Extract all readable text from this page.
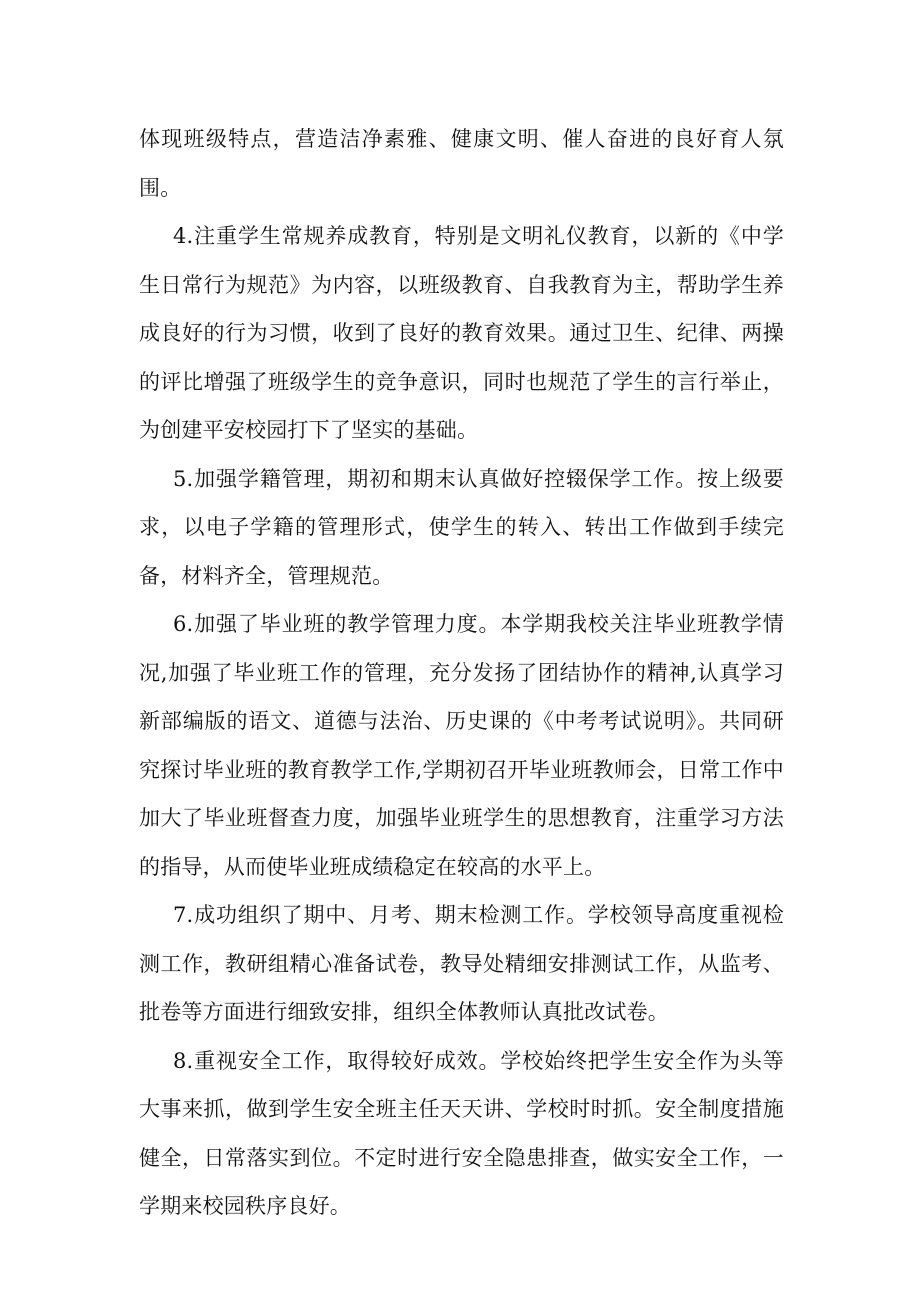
体现班级特点，营造洁净素雅、健康文明、催人奋进的良好育人氛围。

4.注重学生常规养成教育，特别是文明礼仪教育，以新的《中学生日常行为规范》为内容，以班级教育、自我教育为主，帮助学生养成良好的行为习惯，收到了良好的教育效果。通过卫生、纪律、两操的评比增强了班级学生的竞争意识，同时也规范了学生的言行举止，为创建平安校园打下了坚实的基础。

5.加强学籍管理，期初和期末认真做好控辍保学工作。按上级要求，以电子学籍的管理形式，使学生的转入、转出工作做到手续完备，材料齐全，管理规范。

6.加强了毕业班的教学管理力度。本学期我校关注毕业班教学情况,加强了毕业班工作的管理，充分发扬了团结协作的精神,认真学习新部编版的语文、道德与法治、历史课的《中考考试说明》。共同研究探讨毕业班的教育教学工作,学期初召开毕业班教师会，日常工作中加大了毕业班督查力度，加强毕业班学生的思想教育，注重学习方法的指导，从而使毕业班成绩稳定在较高的水平上。

7.成功组织了期中、月考、期末检测工作。学校领导高度重视检测工作，教研组精心准备试卷，教导处精细安排测试工作，从监考、批卷等方面进行细致安排，组织全体教师认真批改试卷。

8.重视安全工作，取得较好成效。学校始终把学生安全作为头等大事来抓，做到学生安全班主任天天讲、学校时时抓。安全制度措施健全，日常落实到位。不定时进行安全隐患排查，做实安全工作，一学期来校园秩序良好。
